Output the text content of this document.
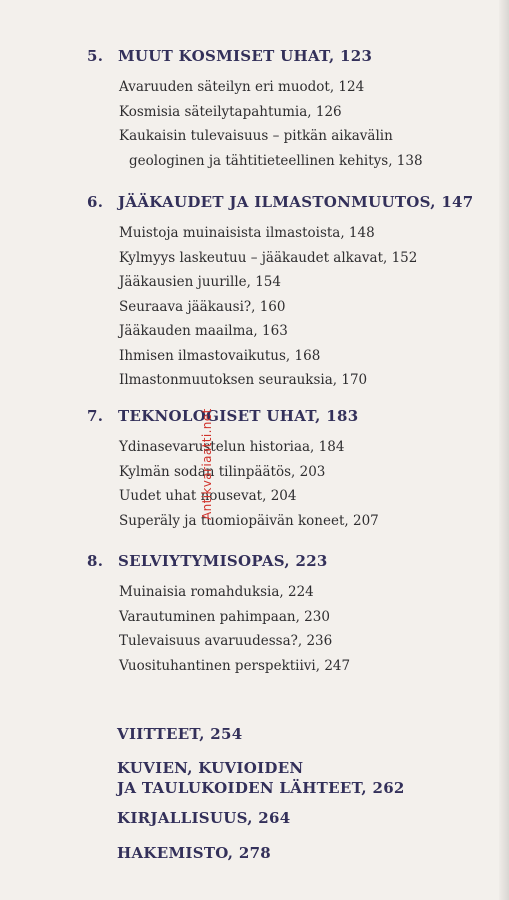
5. MUUT KOSMISET UHAT, 123
Avaruuden säteilyn eri muodot, 124
Kosmisia säteilytapahtumia, 126
Kaukaisin tulevaisuus – pitkän aikavälin
geologinen ja tähtitieteellinen kehitys, 138
6. JÄÄKAUDET JA ILMASTONMUUTOS, 147
Muistoja muinaisista ilmastoista, 148
Kylmyys laskeutuu – jääkaudet alkavat, 152
Jääkausien juurille, 154
Seuraava jääkausi?, 160
Jääkauden maailma, 163
Ihmisen ilmastovaikutus, 168
Ilmastonmuutoksen seurauksia, 170
7. TEKNOLOGISET UHAT, 183
Ydinasevarustelun historiaa, 184
Kylmän sodan tilinpäätös, 203
Uudet uhat nousevat, 204
Superäly ja tuomiopäivän koneet, 207
8. SELVIYTYMISOPAS, 223
Muinaisia romahduksia, 224
Varautuminen pahimpaan, 230
Tulevaisuus avaruudessa?, 236
Vuosituhantinen perspektiivi, 247
VIITTEET, 254
KUVIEN, KUVIOIDEN
JA TAULUKOIDEN LÄHTEET, 262
KIRJALLISUUS, 264
HAKEMISTO, 278
Antikvariaatti.net
